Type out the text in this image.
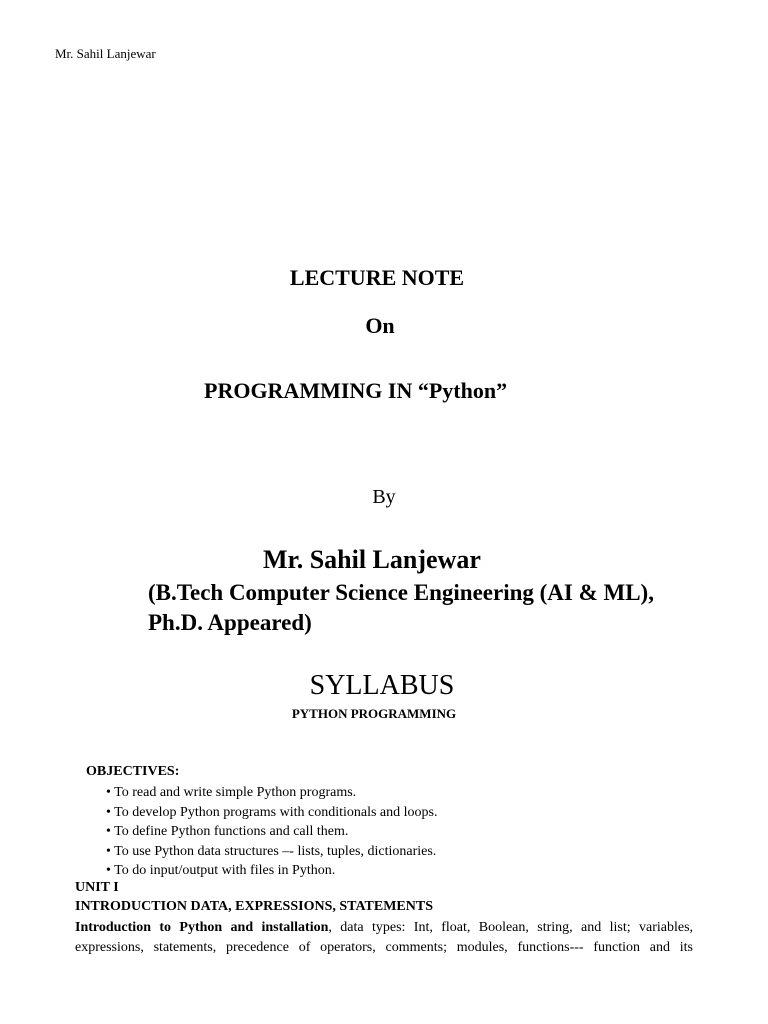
Mr. Sahil Lanjewar
LECTURE NOTE
On
PROGRAMMING IN “Python”
By
Mr. Sahil Lanjewar
(B.Tech Computer Science Engineering (AI & ML),
Ph.D. Appeared)
SYLLABUS
PYTHON PROGRAMMING
OBJECTIVES:
• To read and write simple Python programs.
• To develop Python programs with conditionals and loops.
• To define Python functions and call them.
• To use Python data structures –- lists, tuples, dictionaries.
• To do input/output with files in Python.
UNIT I
INTRODUCTION DATA, EXPRESSIONS, STATEMENTS
Introduction to Python and installation, data types: Int, float, Boolean, string, and list; variables,
expressions, statements, precedence of operators, comments; modules, functions--- function and its
